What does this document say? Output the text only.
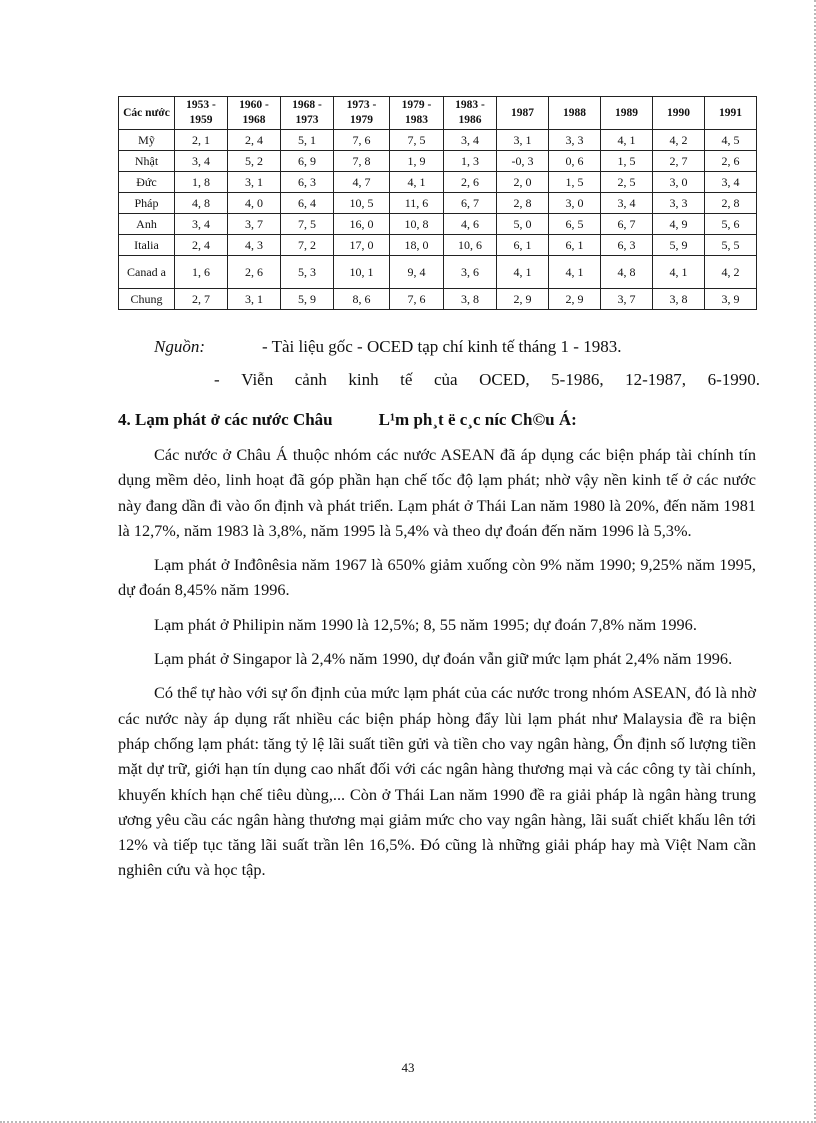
Các nước	1953 - 1959	1960 - 1968	1968 - 1973	1973 - 1979	1979 - 1983	1983 - 1986	1987	1988	1989	1990	1991
Mỹ	2, 1	2, 4	5, 1	7, 6	7, 5	3, 4	3, 1	3, 3	4, 1	4, 2	4, 5
Nhật	3, 4	5, 2	6, 9	7, 8	1, 9	1, 3	-0, 3	0, 6	1, 5	2, 7	2, 6
Đức	1, 8	3, 1	6, 3	4, 7	4, 1	2, 6	2, 0	1, 5	2, 5	3, 0	3, 4
Pháp	4, 8	4, 0	6, 4	10, 5	11, 6	6, 7	2, 8	3, 0	3, 4	3, 3	2, 8
Anh	3, 4	3, 7	7, 5	16, 0	10, 8	4, 6	5, 0	6, 5	6, 7	4, 9	5, 6
Italia	2, 4	4, 3	7, 2	17, 0	18, 0	10, 6	6, 1	6, 1	6, 3	5, 9	5, 5
Canad a	1, 6	2, 6	5, 3	10, 1	9, 4	3, 6	4, 1	4, 1	4, 8	4, 1	4, 2
Chung	2, 7	3, 1	5, 9	8, 6	7, 6	3, 8	2, 9	2, 9	3, 7	3, 8	3, 9
Nguồn:	- Tài liệu gốc - OCED tạp chí kinh tế tháng 1 - 1983.
- Viễn cảnh kinh tế của OCED, 5-1986, 12-1987, 6-1990.
4. Lạm phát ở các nước Châu	L¹m ph¸t ë c¸c níc Ch©u Á:

Các nước ở Châu Á thuộc nhóm các nước ASEAN đã áp dụng các biện pháp tài chính tín dụng mềm dẻo, linh hoạt đã góp phần hạn chế tốc độ lạm phát; nhờ vậy nền kinh tế ở các nước này đang dần đi vào ổn định và phát triển. Lạm phát ở Thái Lan năm 1980 là 20%, đến năm 1981 là 12,7%, năm 1983 là 3,8%, năm 1995 là 5,4% và theo dự đoán đến năm 1996 là 5,3%.

Lạm phát ở Inđônêsia năm 1967 là 650% giảm xuống còn 9% năm 1990; 9,25% năm 1995, dự đoán 8,45% năm 1996.

Lạm phát ở Philipin năm 1990 là 12,5%; 8, 55 năm 1995; dự đoán 7,8% năm 1996.

Lạm phát ở Singapor là 2,4% năm 1990, dự đoán vẫn giữ mức lạm phát 2,4% năm 1996.

Có thể tự hào với sự ổn định của mức lạm phát của các nước trong nhóm ASEAN, đó là nhờ các nước này áp dụng rất nhiều các biện pháp hòng đẩy lùi lạm phát như Malaysia đề ra biện pháp chống lạm phát: tăng tỷ lệ lãi suất tiền gửi và tiền cho vay ngân hàng, Ổn định số lượng tiền mặt dự trữ, giới hạn tín dụng cao nhất đối với các ngân hàng thương mại và các công ty tài chính, khuyến khích hạn chế tiêu dùng,... Còn ở Thái Lan năm 1990 đề ra giải pháp là ngân hàng trung ương yêu cầu các ngân hàng thương mại giảm mức cho vay ngân hàng, lãi suất chiết khấu lên tới 12% và tiếp tục tăng lãi suất trần lên 16,5%. Đó cũng là những giải pháp hay mà Việt Nam cần nghiên cứu và học tập.

43
